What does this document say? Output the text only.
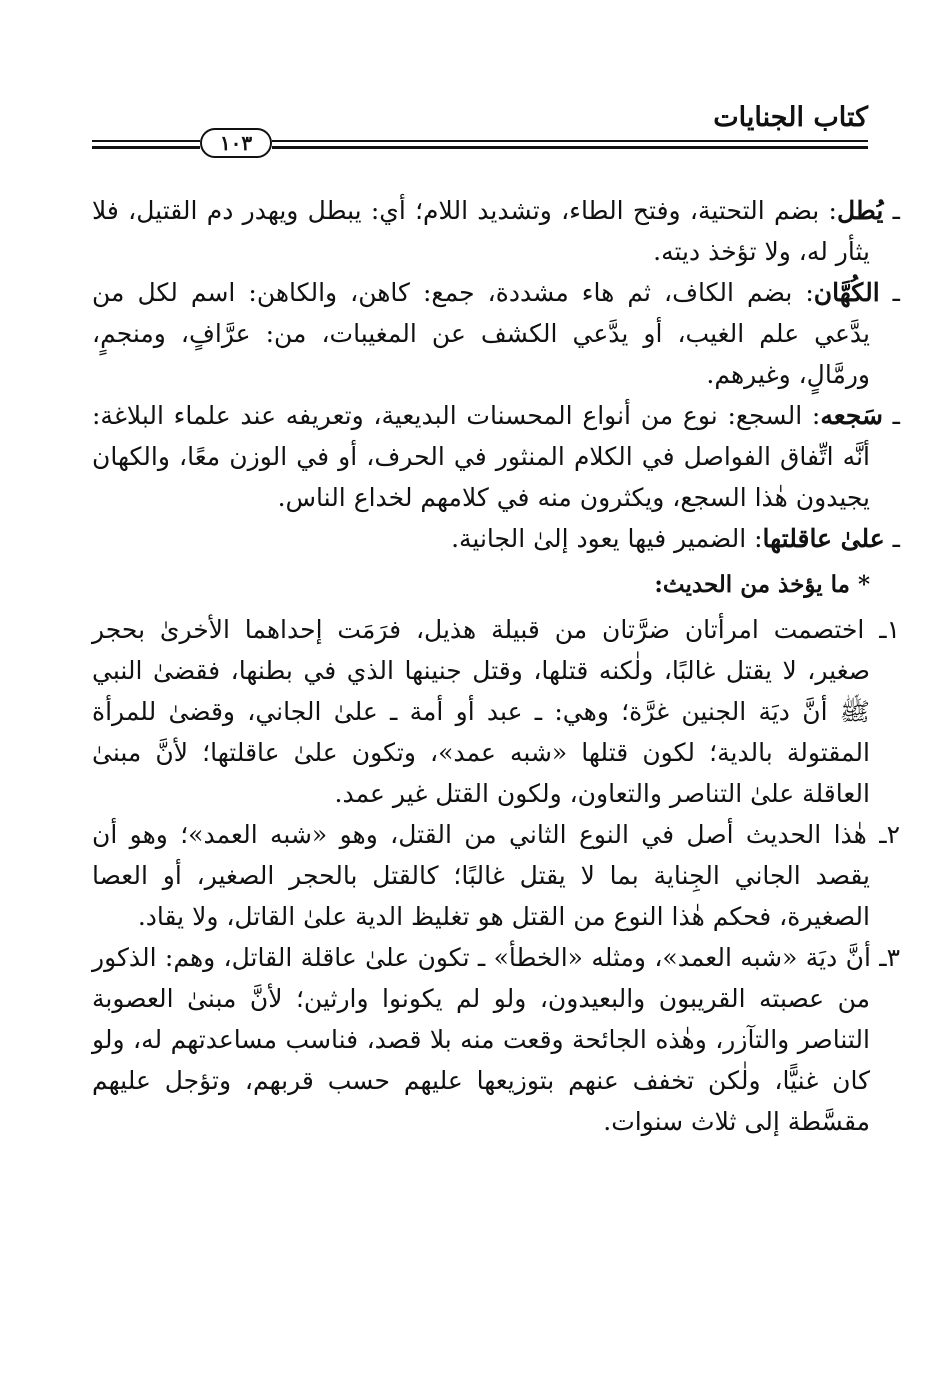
كتاب الجنايات
١٠٣

ـ يُطل: بضم التحتية، وفتح الطاء، وتشديد اللام؛ أي: يبطل ويهدر دم القتيل، فلا يثأر له، ولا تؤخذ ديته.

ـ الكُهَّان: بضم الكاف، ثم هاء مشددة، جمع: كاهن، والكاهن: اسم لكل من يدَّعي علم الغيب، أو يدَّعي الكشف عن المغيبات، من: عرَّافٍ، ومنجمٍ، ورمَّالٍ، وغيرهم.

ـ سَجعه: السجع: نوع من أنواع المحسنات البديعية، وتعريفه عند علماء البلاغة: أنَّه اتِّفاق الفواصل في الكلام المنثور في الحرف، أو في الوزن معًا، والكهان يجيدون هٰذا السجع، ويكثرون منه في كلامهم لخداع الناس.

ـ علىٰ عاقلتها: الضمير فيها يعود إلىٰ الجانية.

* ما يؤخذ من الحديث:

١ـ اختصمت امرأتان ضرَّتان من قبيلة هذيل، فرَمَت إحداهما الأخرىٰ بحجر صغير، لا يقتل غالبًا، ولٰكنه قتلها، وقتل جنينها الذي في بطنها، فقضىٰ النبي ﷺ أنَّ ديَة الجنين غرَّة؛ وهي: ـ عبد أو أمة ـ علىٰ الجاني، وقضىٰ للمرأة المقتولة بالدية؛ لكون قتلها «شبه عمد»، وتكون علىٰ عاقلتها؛ لأنَّ مبنىٰ العاقلة علىٰ التناصر والتعاون، ولكون القتل غير عمد.

٢ـ هٰذا الحديث أصل في النوع الثاني من القتل، وهو «شبه العمد»؛ وهو أن يقصد الجاني الجِناية بما لا يقتل غالبًا؛ كالقتل بالحجر الصغير، أو العصا الصغيرة، فحكم هٰذا النوع من القتل هو تغليظ الدية علىٰ القاتل، ولا يقاد.

٣ـ أنَّ ديَة «شبه العمد»، ومثله «الخطأ» ـ تكون علىٰ عاقلة القاتل، وهم: الذكور من عصبته القريبون والبعيدون، ولو لم يكونوا وارثين؛ لأنَّ مبنىٰ العصوبة التناصر والتآزر، وهٰذه الجائحة وقعت منه بلا قصد، فناسب مساعدتهم له، ولو كان غنيًّا، ولٰكن تخفف عنهم بتوزيعها عليهم حسب قربهم، وتؤجل عليهم مقسَّطة إلى ثلاث سنوات.
